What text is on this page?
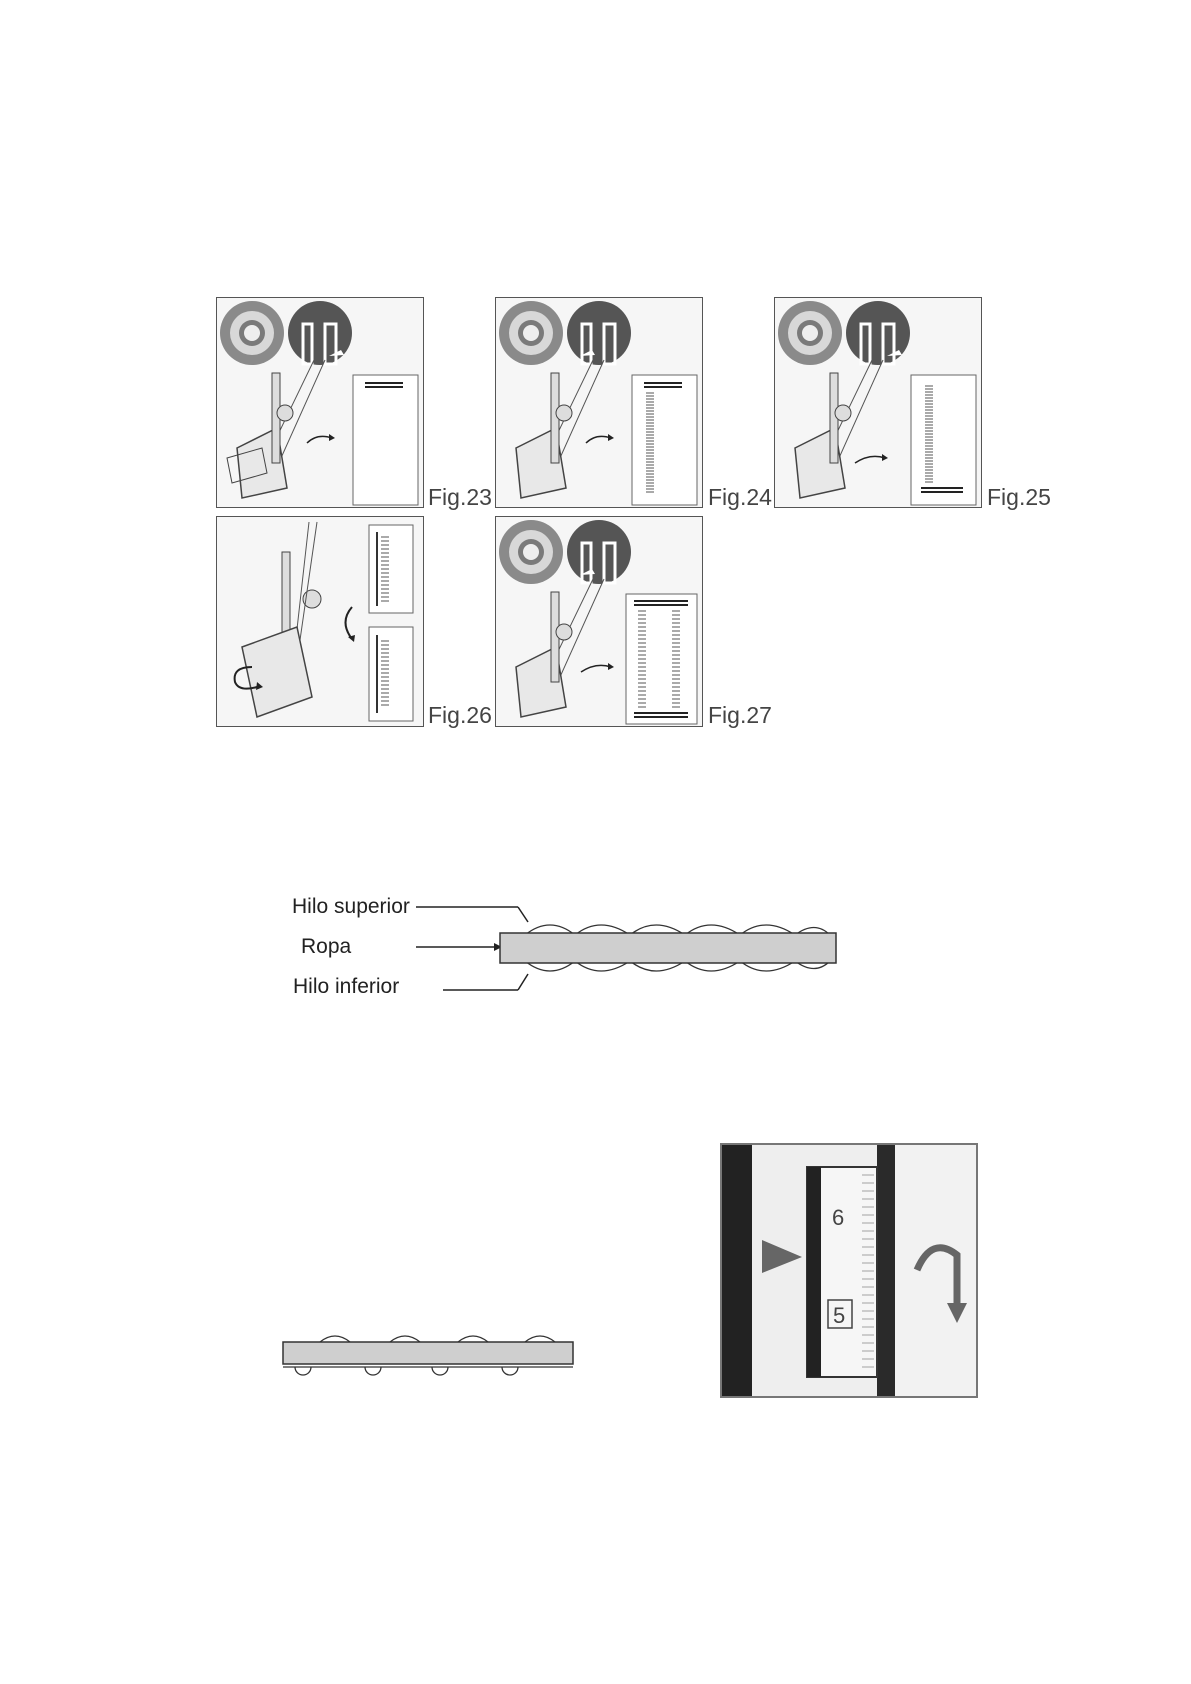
Fig.23	Fig.24	Fig.25
Fig.26	Fig.27
Hilo superior
Ropa
Hilo inferior
6
5
